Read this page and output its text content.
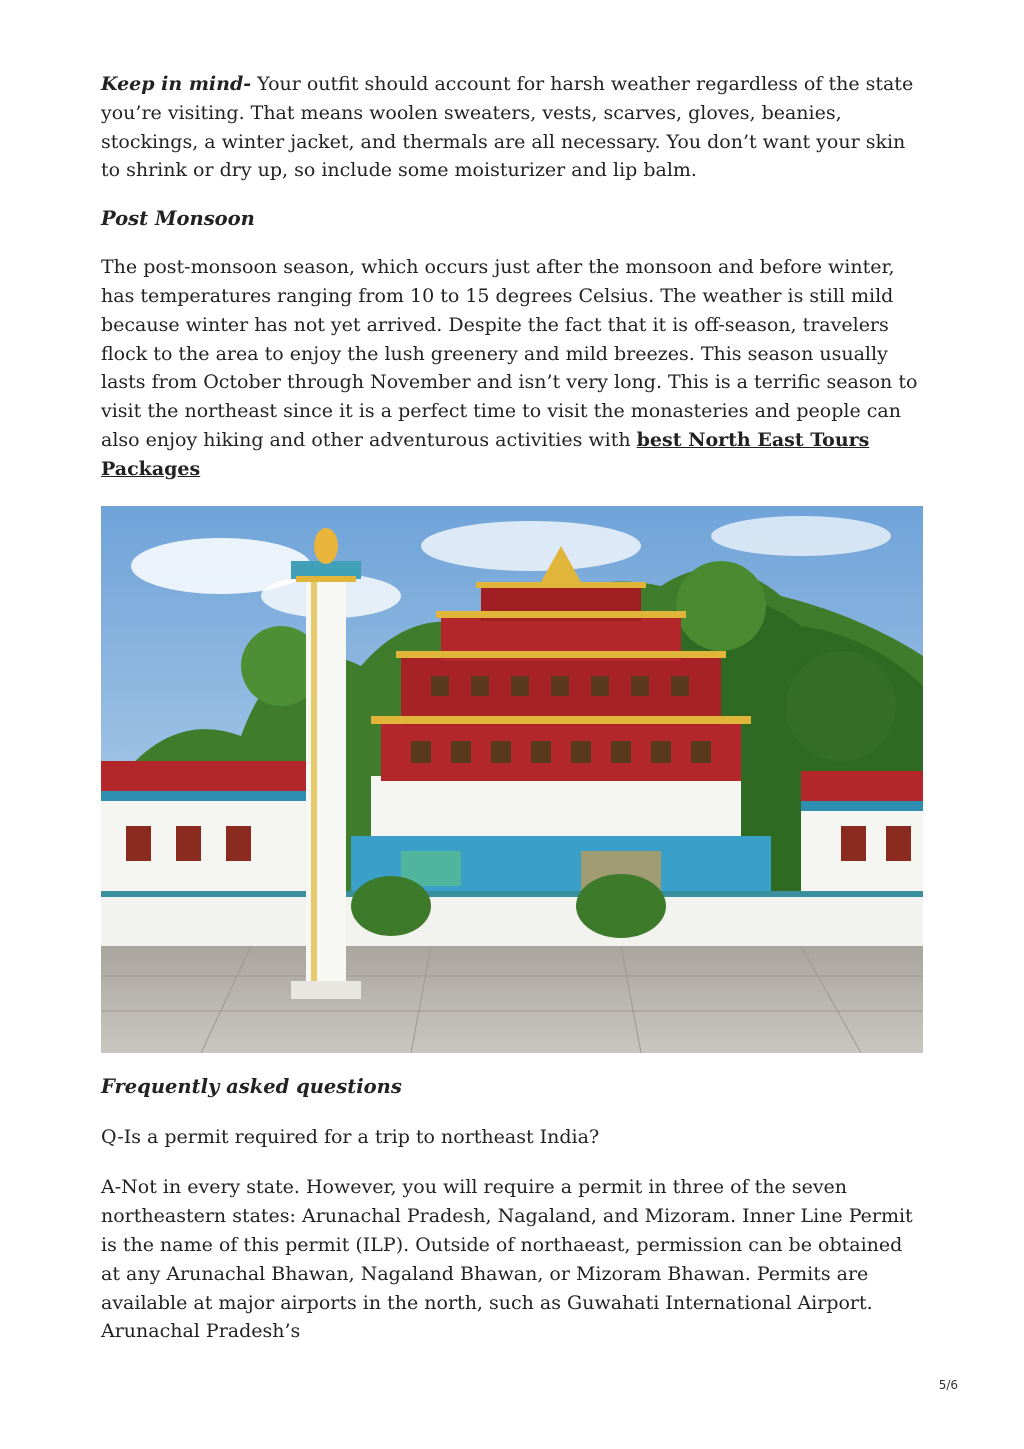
Keep in mind- Your outfit should account for harsh weather regardless of the state you’re visiting. That means woolen sweaters, vests, scarves, gloves, beanies, stockings, a winter jacket, and thermals are all necessary. You don’t want your skin to shrink or dry up, so include some moisturizer and lip balm.

Post Monsoon

The post-monsoon season, which occurs just after the monsoon and before winter, has temperatures ranging from 10 to 15 degrees Celsius. The weather is still mild because winter has not yet arrived. Despite the fact that it is off-season, travelers flock to the area to enjoy the lush greenery and mild breezes. This season usually lasts from October through November and isn’t very long. This is a terrific season to visit the northeast since it is a perfect time to visit the monasteries and people can also enjoy hiking and other adventurous activities with best North East Tours Packages

Frequently asked questions

Q-Is a permit required for a trip to northeast India?

A-Not in every state. However, you will require a permit in three of the seven northeastern states: Arunachal Pradesh, Nagaland, and Mizoram. Inner Line Permit is the name of this permit (ILP). Outside of northaeast, permission can be obtained at any Arunachal Bhawan, Nagaland Bhawan, or Mizoram Bhawan. Permits are available at major airports in the north, such as Guwahati International Airport. Arunachal Pradesh’s

5/6
